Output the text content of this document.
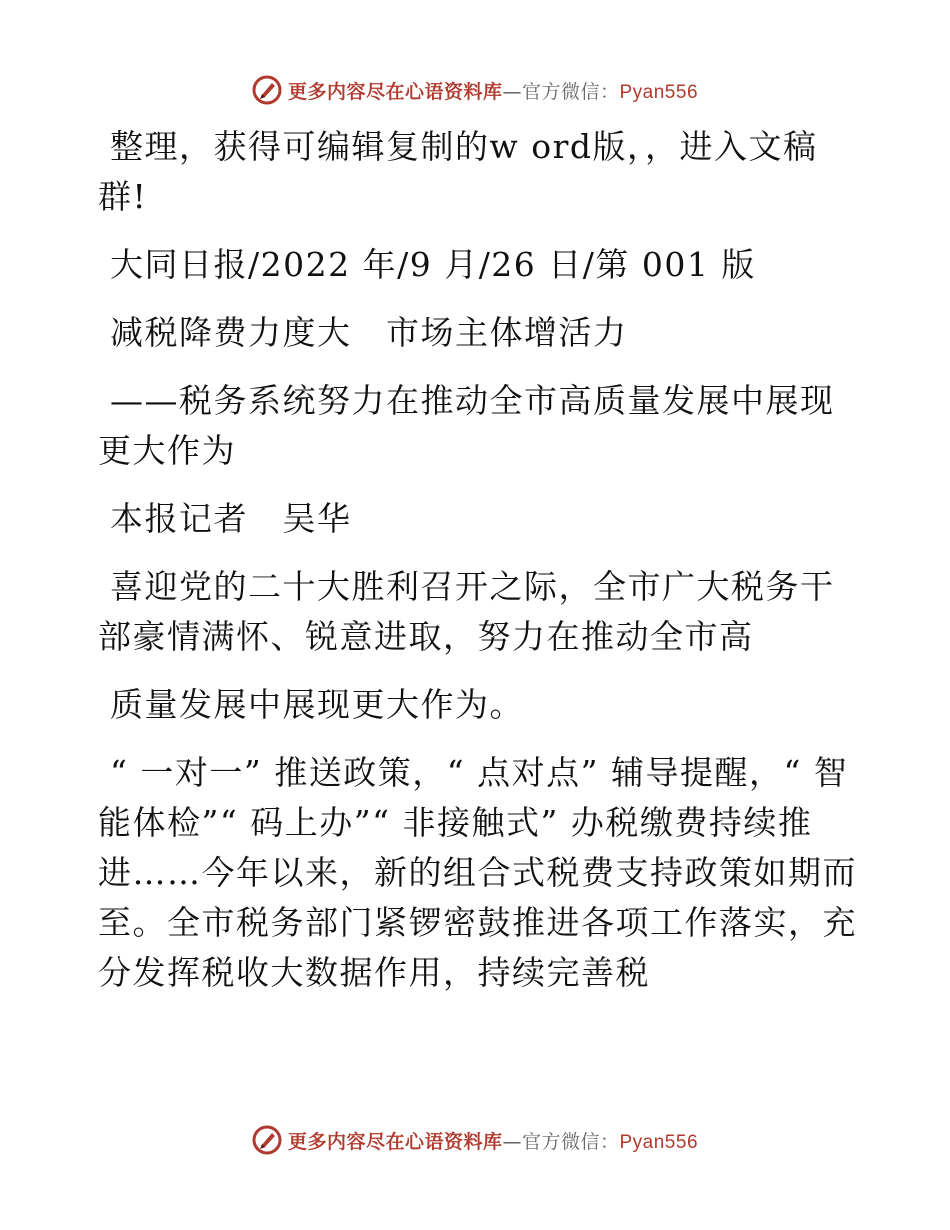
更多内容尽在心语资料库—官方微信：Pyan556

整理，获得可编辑复制的w ord版，，进入文稿群!

大同日报/2022 年/9 月/26 日/第 001 版

减税降费力度大　市场主体增活力

——税务系统努力在推动全市高质量发展中展现更大作为

本报记者　吴华

喜迎党的二十大胜利召开之际，全市广大税务干部豪情满怀、锐意进取，努力在推动全市高

质量发展中展现更大作为。

“ 一对一” 推送政策，“ 点对点” 辅导提醒，“ 智能体检”“ 码上办”“ 非接触式” 办税缴费持续推进……今年以来，新的组合式税费支持政策如期而至。全市税务部门紧锣密鼓推进各项工作落实，充分发挥税收大数据作用，持续完善税

更多内容尽在心语资料库—官方微信：Pyan556
